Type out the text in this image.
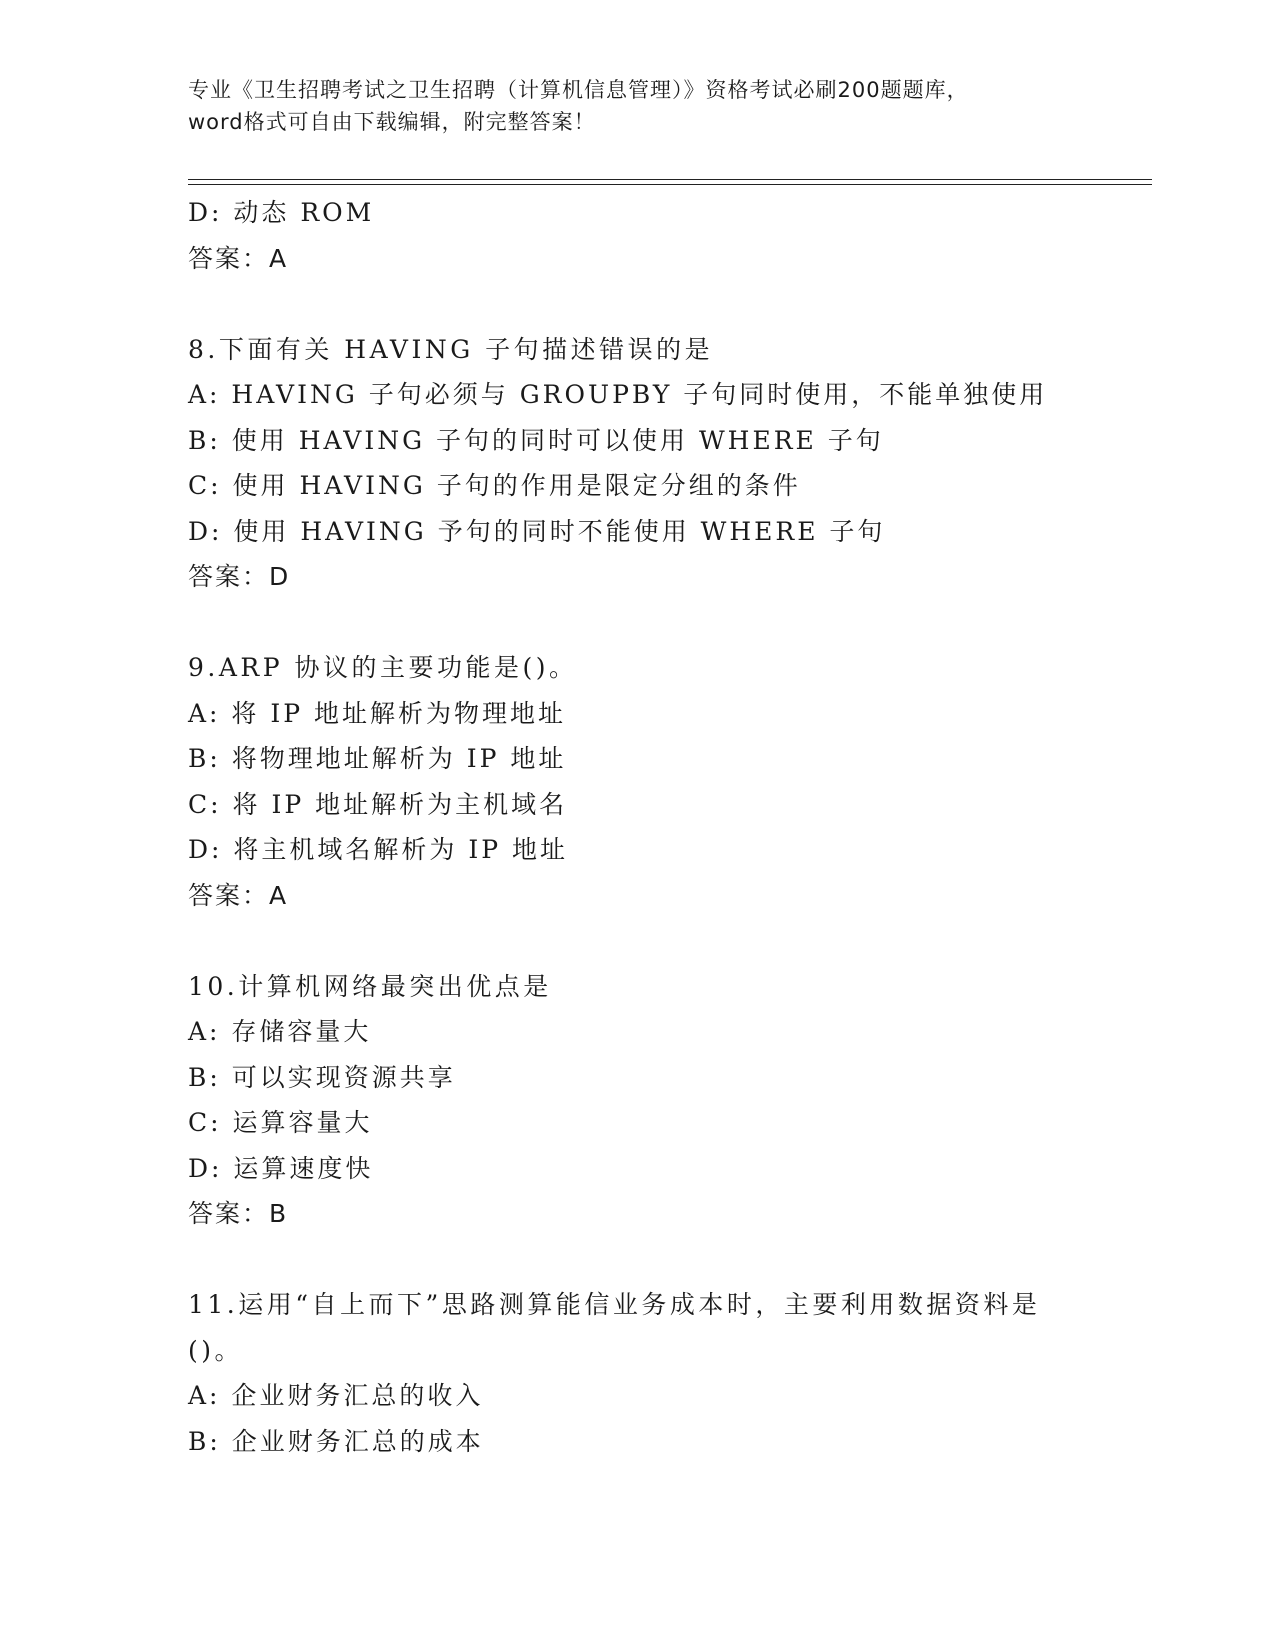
专业《卫生招聘考试之卫生招聘（计算机信息管理）》资格考试必刷200题题库，
word格式可自由下载编辑，附完整答案！
D: 动态 ROM
答案：A
8.下面有关 HAVING 子句描述错误的是
A: HAVING 子句必须与 GROUPBY 子句同时使用，不能单独使用
B: 使用 HAVING 子句的同时可以使用 WHERE 子句
C: 使用 HAVING 子句的作用是限定分组的条件
D: 使用 HAVING 予句的同时不能使用 WHERE 子句
答案：D
9.ARP 协议的主要功能是()。
A: 将 IP 地址解析为物理地址
B: 将物理地址解析为 IP 地址
C: 将 IP 地址解析为主机域名
D: 将主机域名解析为 IP 地址
答案：A
10.计算机网络最突出优点是
A: 存储容量大
B: 可以实现资源共享
C: 运算容量大
D: 运算速度快
答案：B
11.运用“自上而下”思路测算能信业务成本时，主要利用数据资料是
()。
A: 企业财务汇总的收入
B: 企业财务汇总的成本
